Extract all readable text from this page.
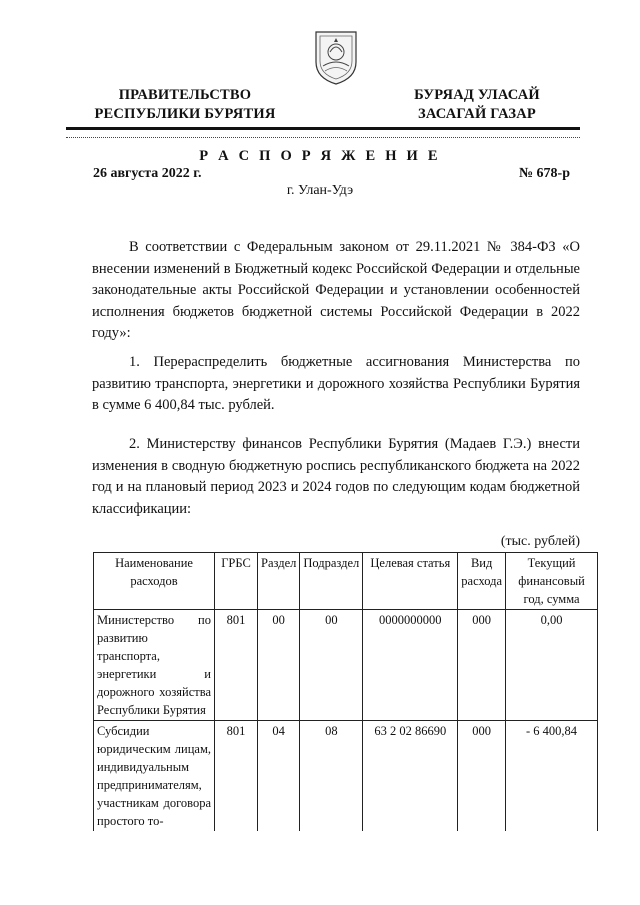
ПРАВИТЕЛЬСТВО
РЕСПУБЛИКИ БУРЯТИЯ
БУРЯАД УЛАСАЙ
ЗАСАГАЙ ГАЗАР
Р А С П О Р Я Ж Е Н И Е
26 августа 2022 г.	№ 678-р
г. Улан-Удэ

В соответствии с Федеральным законом от 29.11.2021 № 384-ФЗ «О внесении изменений в Бюджетный кодекс Российской Федерации и отдельные законодательные акты Российской Федерации и установлении особенностей исполнения бюджетов бюджетной системы Российской Федерации в 2022 году»:

1. Перераспределить бюджетные ассигнования Министерства по развитию транспорта, энергетики и дорожного хозяйства Республики Бурятия в сумме 6 400,84 тыс. рублей.

2. Министерству финансов Республики Бурятия (Мадаев Г.Э.) внести изменения в сводную бюджетную роспись республиканского бюджета на 2022 год и на плановый период 2023 и 2024 годов по следующим кодам бюджетной классификации:

(тыс. рублей)
Наименование расходов	ГРБС	Раздел	Подраздел	Целевая статья	Вид расхода	Текущий финансовый год, сумма
Министерство по развитию транспорта, энергетики и дорожного хозяйства Республики Бурятия	801	00	00	0000000000	000	0,00
Субсидии юридическим лицам, индивидуальным предпринимателям, участникам договора простого то-	801	04	08	63 2 02 86690	000	- 6 400,84
